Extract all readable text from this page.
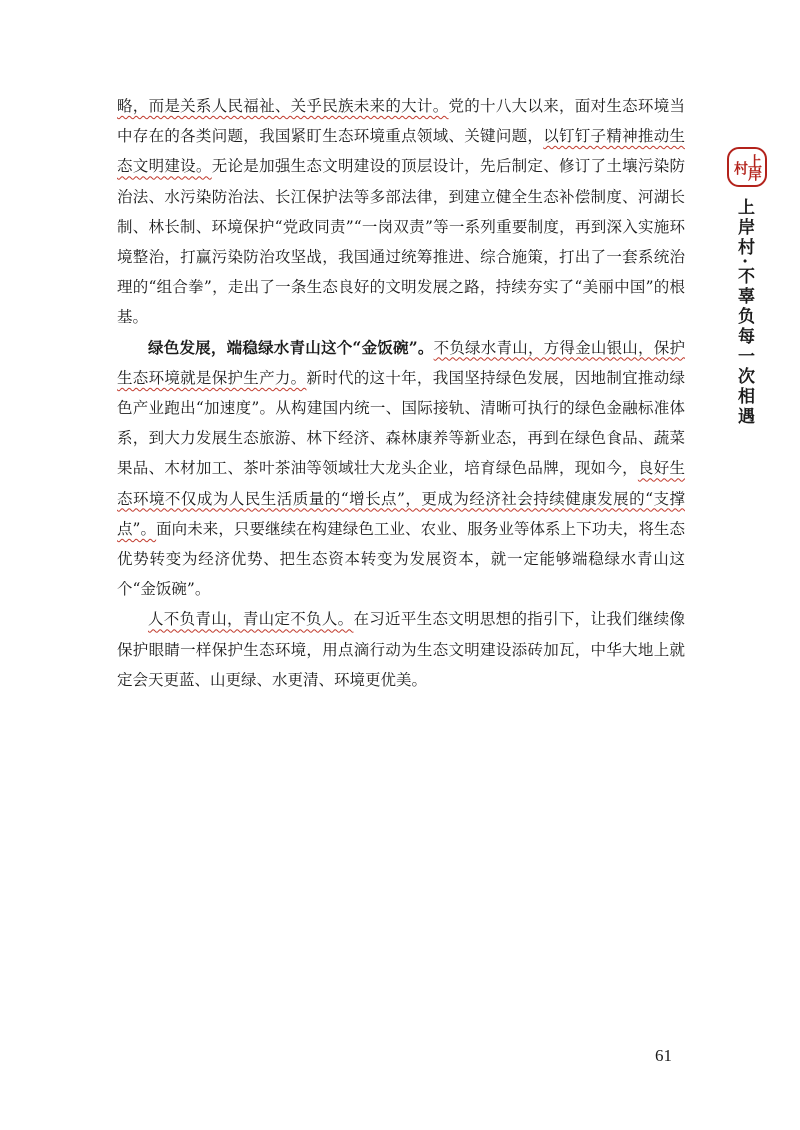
略，而是关系人民福祉、关乎民族未来的大计。党的十八大以来，面对生态环境当中存在的各类问题，我国紧盯生态环境重点领域、关键问题，以钉钉子精神推动生态文明建设。无论是加强生态文明建设的顶层设计，先后制定、修订了土壤污染防治法、水污染防治法、长江保护法等多部法律，到建立健全生态补偿制度、河湖长制、林长制、环境保护“党政同责”“一岗双责”等一系列重要制度，再到深入实施环境整治，打赢污染防治攻坚战，我国通过统筹推进、综合施策，打出了一套系统治理的“组合拳”，走出了一条生态良好的文明发展之路，持续夯实了“美丽中国”的根基。

绿色发展，端稳绿水青山这个“金饭碗”。不负绿水青山，方得金山银山，保护生态环境就是保护生产力。新时代的这十年，我国坚持绿色发展，因地制宜推动绿色产业跑出“加速度”。从构建国内统一、国际接轨、清晰可执行的绿色金融标准体系，到大力发展生态旅游、林下经济、森林康养等新业态，再到在绿色食品、蔬菜果品、木材加工、茶叶茶油等领域壮大龙头企业，培育绿色品牌，现如今，良好生态环境不仅成为人民生活质量的“增长点”，更成为经济社会持续健康发展的“支撑点”。面向未来，只要继续在构建绿色工业、农业、服务业等体系上下功夫，将生态优势转变为经济优势、把生态资本转变为发展资本，就一定能够端稳绿水青山这个“金饭碗”。

人不负青山，青山定不负人。在习近平生态文明思想的指引下，让我们继续像保护眼睛一样保护生态环境，用点滴行动为生态文明建设添砖加瓦，中华大地上就定会天更蓝、山更绿、水更清、环境更优美。

上岸村
上岸村·不辜负每一次相遇
61
